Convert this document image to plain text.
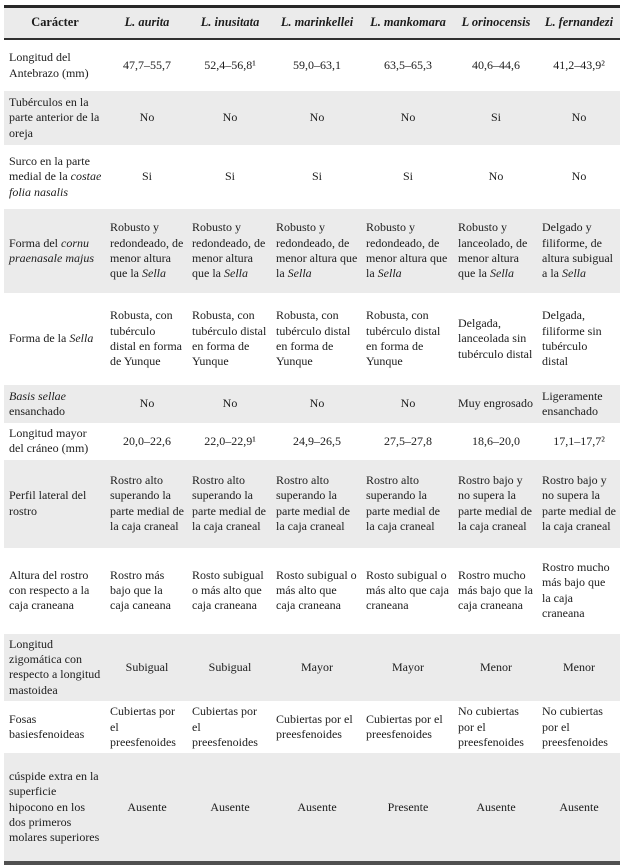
Carácter	L. aurita	L. inusitata	L. marinkellei	L. mankomara	L orinocensis	L. fernandezi
Longitud del Antebrazo (mm)	47,7–55,7	52,4–56,8¹	59,0–63,1	63,5–65,3	40,6–44,6	41,2–43,9²
Tubérculos en la parte anterior de la oreja	No	No	No	No	Si	No
Surco en la parte medial de la costae folia nasalis	Si	Si	Si	Si	No	No
Forma del cornu praenasale majus	Robusto y redondeado, de menor altura que la Sella	Robusto y redondeado, de menor altura que la Sella	Robusto y redondeado, de menor altura que la Sella	Robusto y redondeado, de menor altura que la Sella	Robusto y lanceolado, de menor altura que la Sella	Delgado y filiforme, de altura subigual a la Sella
Forma de la Sella	Robusta, con tubérculo distal en forma de Yunque	Robusta, con tubérculo distal en forma de Yunque	Robusta, con tubérculo distal en forma de Yunque	Robusta, con tubérculo distal en forma de Yunque	Delgada, lanceolada sin tubérculo distal	Delgada, filiforme sin tubérculo distal
Basis sellae ensanchado	No	No	No	No	Muy engrosado	Ligeramente ensanchado
Longitud mayor del cráneo (mm)	20,0–22,6	22,0–22,9¹	24,9–26,5	27,5–27,8	18,6–20,0	17,1–17,7²
Perfil lateral del rostro	Rostro alto superando la parte medial de la caja craneal	Rostro alto superando la parte medial de la caja craneal	Rostro alto superando la parte medial de la caja craneal	Rostro alto superando la parte medial de la caja craneal	Rostro bajo y no supera la parte medial de la caja craneal	Rostro bajo y no supera la parte medial de la caja craneal
Altura del rostro con respecto a la caja craneana	Rostro más bajo que la caja caneana	Rosto subigual o más alto que caja craneana	Rosto subigual o más alto que caja craneana	Rosto subigual o más alto que caja craneana	Rostro mucho más bajo que la caja craneana	Rostro mucho más bajo que la caja craneana
Longitud zigomática con respecto a longitud mastoidea	Subigual	Subigual	Mayor	Mayor	Menor	Menor
Fosas basiesfenoideas	Cubiertas por el preesfenoides	Cubiertas por el preesfenoides	Cubiertas por el preesfenoides	Cubiertas por el preesfenoides	No cubiertas por el preesfenoides	No cubiertas por el preesfenoides
cúspide extra en la superficie hipocono en los dos primeros molares superiores	Ausente	Ausente	Ausente	Presente	Ausente	Ausente
